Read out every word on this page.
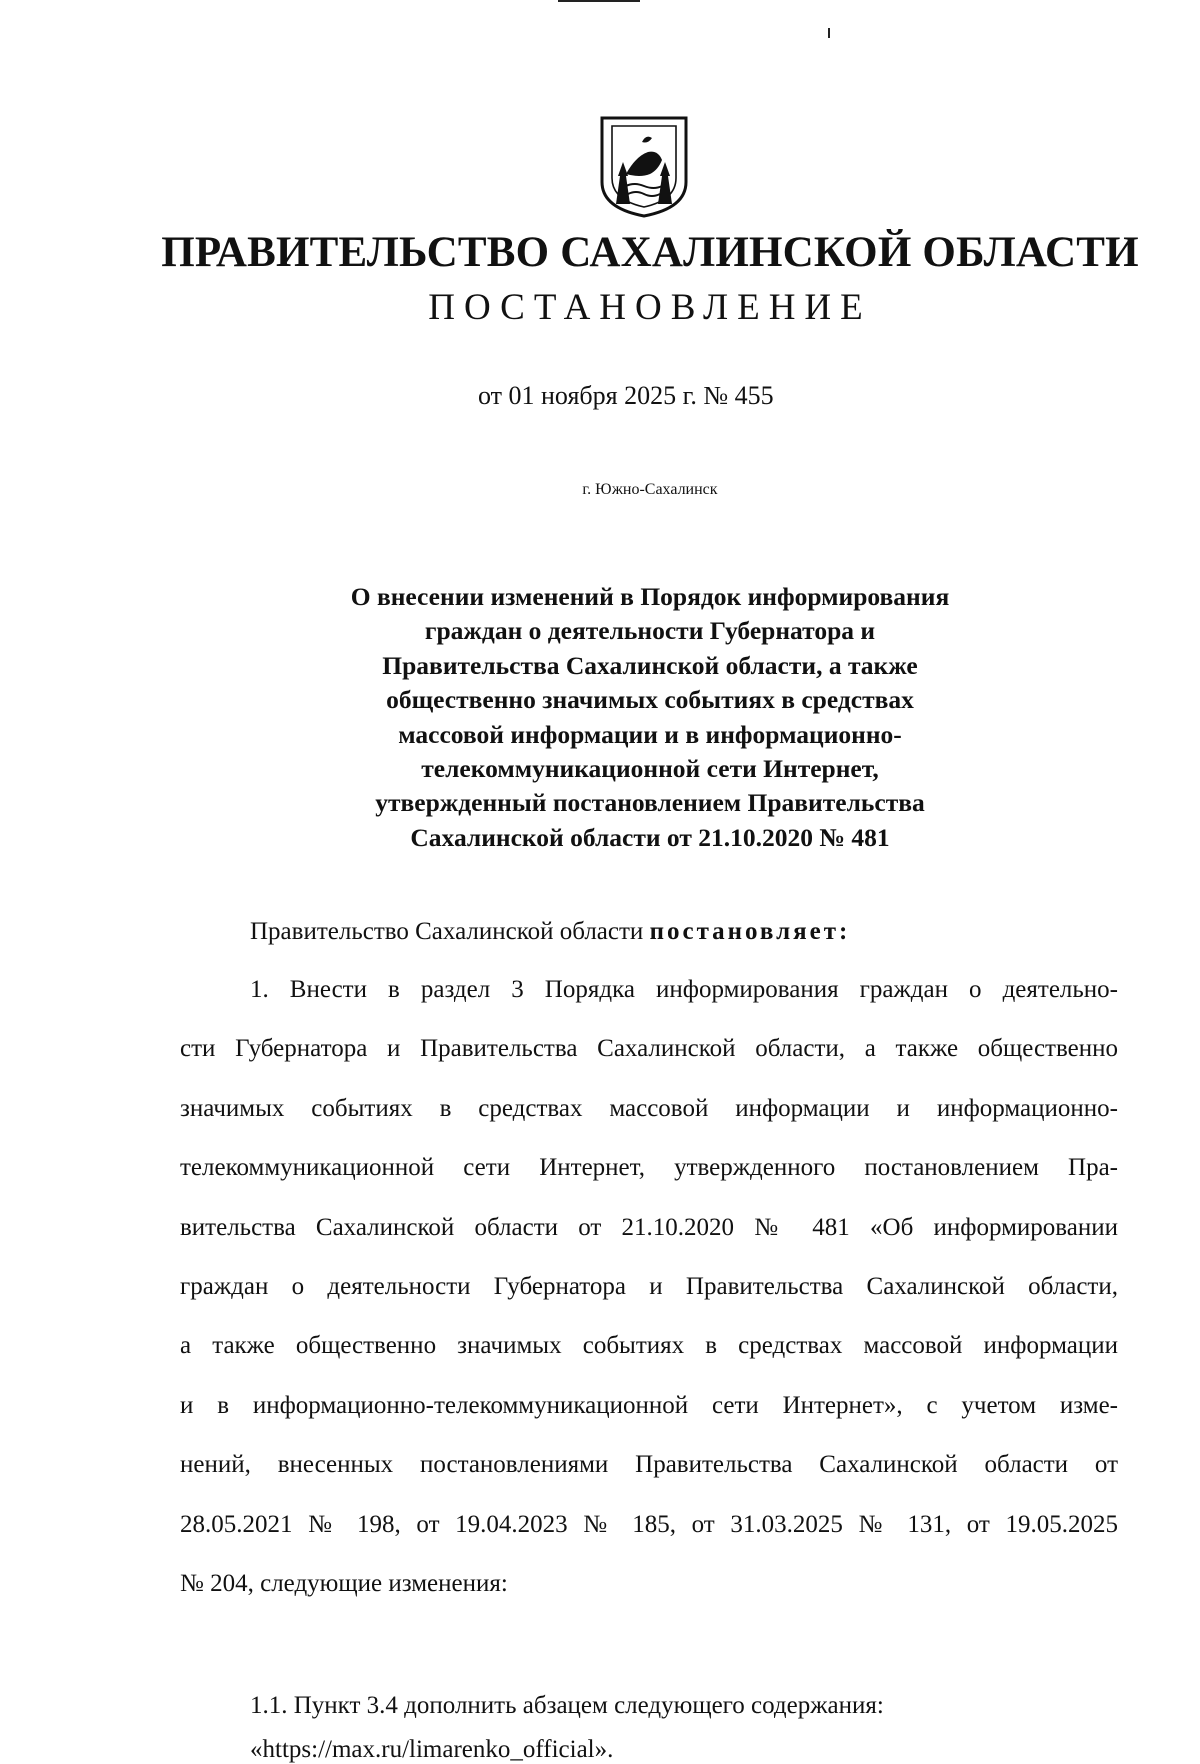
ПРАВИТЕЛЬСТВО САХАЛИНСКОЙ ОБЛАСТИ
ПОСТАНОВЛЕНИЕ
от 01 ноября 2025 г. № 455
г. Южно-Сахалинск
О внесении изменений в Порядок информирования
граждан о деятельности Губернатора и
Правительства Сахалинской области, а также
общественно значимых событиях в средствах
массовой информации и в информационно-
телекоммуникационной сети Интернет,
утвержденный постановлением Правительства
Сахалинской области от 21.10.2020 № 481
Правительство Сахалинской области постановляет:
1. Внести в раздел 3 Порядка информирования граждан о деятельно-
сти Губернатора и Правительства Сахалинской области, а также общественно
значимых событиях в средствах массовой информации и информационно-
телекоммуникационной сети Интернет, утвержденного постановлением Пра-
вительства Сахалинской области от 21.10.2020 № 481 «Об информировании
граждан о деятельности Губернатора и Правительства Сахалинской области,
а также общественно значимых событиях в средствах массовой информации
и в информационно-телекоммуникационной сети Интернет», с учетом изме-
нений, внесенных постановлениями Правительства Сахалинской области от
28.05.2021 № 198, от 19.04.2023 № 185, от 31.03.2025 № 131, от 19.05.2025
№ 204, следующие изменения:
1.1. Пункт 3.4 дополнить абзацем следующего содержания:
«https://max.ru/limarenko_official».
